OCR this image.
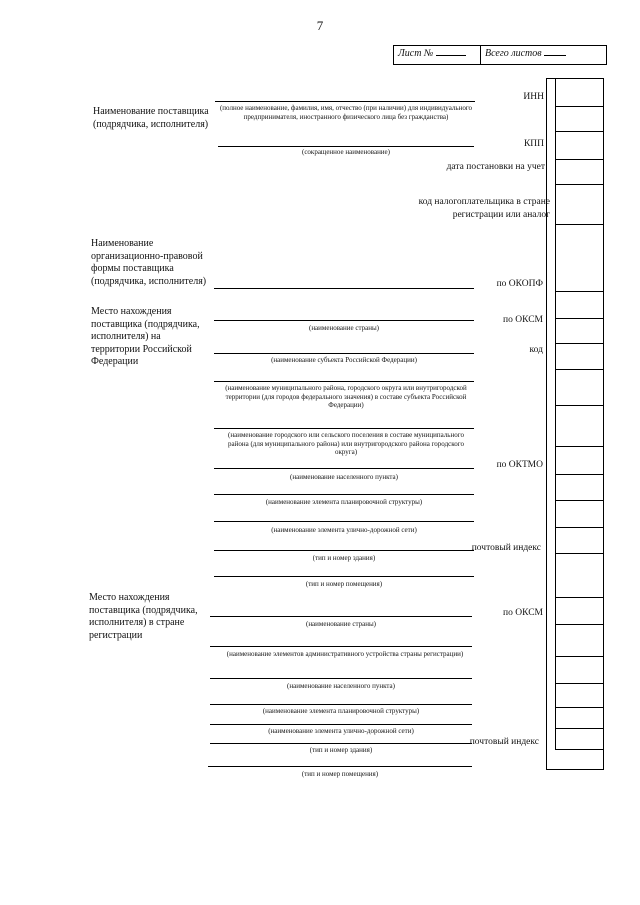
7
Лист №	Всего листов
Наименование поставщика (подрядчика, исполнителя)
(полное наименование, фамилия, имя, отчество (при наличии) для индивидуального предпринимателя, иностранного физического лица без гражданства)
(сокращенное наименование)
Наименование организационно-правовой формы поставщика (подрядчика, исполнителя)
Место нахождения поставщика (подрядчика, исполнителя) на территории Российской Федерации
(наименование страны)
(наименование субъекта Российской Федерации)
(наименование муниципального района, городского округа или внутригородской территории (для городов федерального значения) в составе субъекта Российской Федерации)
(наименование городского или сельского поселения в составе муниципального района (для муниципального района) или внутригородского района городского округа)
(наименование населенного пункта)
(наименование элемента планировочной структуры)
(наименование элемента улично-дорожной сети)
(тип и номер здания)
(тип и номер помещения)
Место нахождения поставщика (подрядчика, исполнителя) в стране регистрации
(наименование страны)
(наименование элементов административного устройства страны регистрации)
(наименование населенного пункта)
(наименование элемента планировочной структуры)
(наименование элемента улично-дорожной сети)
(тип и номер здания)
(тип и номер помещения)
ИНН
КПП
дата постановки на учет
код налогоплательщика в стране регистрации или аналог
по ОКОПФ
по ОКСМ
код
по ОКТМО
почтовый индекс
по ОКСМ
почтовый индекс
